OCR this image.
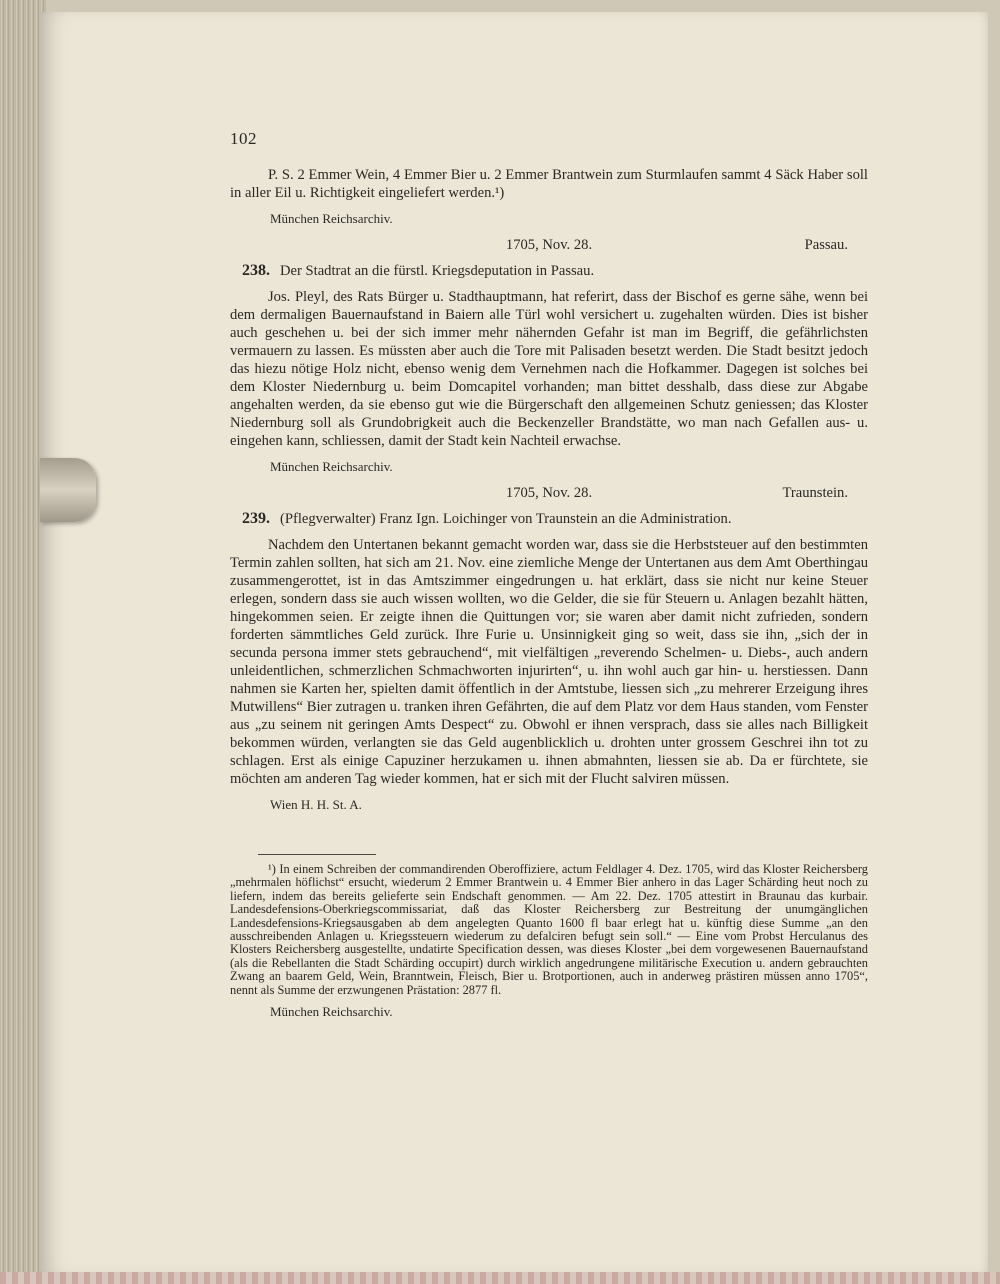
102

P. S. 2 Emmer Wein, 4 Emmer Bier u. 2 Emmer Brantwein zum Sturmlaufen sammt 4 Säck Haber soll in aller Eil u. Richtigkeit eingeliefert werden.¹)

München Reichsarchiv.
1705, Nov. 28.	Passau.
238. Der Stadtrat an die fürstl. Kriegsdeputation in Passau.

Jos. Pleyl, des Rats Bürger u. Stadthauptmann, hat referirt, dass der Bischof es gerne sähe, wenn bei dem dermaligen Bauernaufstand in Baiern alle Türl wohl versichert u. zugehalten würden. Dies ist bisher auch geschehen u. bei der sich immer mehr nähernden Gefahr ist man im Begriff, die gefährlichsten vermauern zu lassen. Es müssten aber auch die Tore mit Palisaden besetzt werden. Die Stadt besitzt jedoch das hiezu nötige Holz nicht, ebenso wenig dem Vernehmen nach die Hofkammer. Dagegen ist solches bei dem Kloster Niedernburg u. beim Domcapitel vorhanden; man bittet desshalb, dass diese zur Abgabe angehalten werden, da sie ebenso gut wie die Bürgerschaft den allgemeinen Schutz geniessen; das Kloster Niedernburg soll als Grundobrigkeit auch die Beckenzeller Brandstätte, wo man nach Gefallen aus- u. eingehen kann, schliessen, damit der Stadt kein Nachteil erwachse.

München Reichsarchiv.
1705, Nov. 28.	Traunstein.
239. (Pflegverwalter) Franz Ign. Loichinger von Traunstein an die Administration.

Nachdem den Untertanen bekannt gemacht worden war, dass sie die Herbststeuer auf den bestimmten Termin zahlen sollten, hat sich am 21. Nov. eine ziemliche Menge der Untertanen aus dem Amt Oberthingau zusammengerottet, ist in das Amtszimmer eingedrungen u. hat erklärt, dass sie nicht nur keine Steuer erlegen, sondern dass sie auch wissen wollten, wo die Gelder, die sie für Steuern u. Anlagen bezahlt hätten, hingekommen seien. Er zeigte ihnen die Quittungen vor; sie waren aber damit nicht zufrieden, sondern forderten sämmtliches Geld zurück. Ihre Furie u. Unsinnigkeit ging so weit, dass sie ihn, „sich der in secunda persona immer stets gebrauchend“, mit vielfältigen „reverendo Schelmen- u. Diebs-, auch andern unleidentlichen, schmerzlichen Schmachworten injurirten“, u. ihn wohl auch gar hin- u. herstiessen. Dann nahmen sie Karten her, spielten damit öffentlich in der Amtstube, liessen sich „zu mehrerer Erzeigung ihres Mutwillens“ Bier zutragen u. tranken ihren Gefährten, die auf dem Platz vor dem Haus standen, vom Fenster aus „zu seinem nit geringen Amts Despect“ zu. Obwohl er ihnen versprach, dass sie alles nach Billigkeit bekommen würden, verlangten sie das Geld augenblicklich u. drohten unter grossem Geschrei ihn tot zu schlagen. Erst als einige Capuziner herzukamen u. ihnen abmahnten, liessen sie ab. Da er fürchtete, sie möchten am anderen Tag wieder kommen, hat er sich mit der Flucht salviren müssen.

Wien H. H. St. A.

¹) In einem Schreiben der commandirenden Oberoffiziere, actum Feldlager 4. Dez. 1705, wird das Kloster Reichersberg „mehrmalen höflichst“ ersucht, wiederum 2 Emmer Brantwein u. 4 Emmer Bier anhero in das Lager Schärding heut noch zu liefern, indem das bereits gelieferte sein Endschaft genommen. — Am 22. Dez. 1705 attestirt in Braunau das kurbair. Landesdefensions-Oberkriegscommissariat, daß das Kloster Reichersberg zur Bestreitung der unumgänglichen Landesdefensions-Kriegsausgaben ab dem angelegten Quanto 1600 fl baar erlegt hat u. künftig diese Summe „an den ausschreibenden Anlagen u. Kriegssteuern wiederum zu defalciren befugt sein soll.“ — Eine vom Probst Herculanus des Klosters Reichersberg ausgestellte, undatirte Specification dessen, was dieses Kloster „bei dem vorgewesenen Bauernaufstand (als die Rebellanten die Stadt Schärding occupirt) durch wirklich angedrungene militärische Execution u. andern gebrauchten Zwang an baarem Geld, Wein, Branntwein, Fleisch, Bier u. Brotportionen, auch in anderweg prästiren müssen anno 1705“, nennt als Summe der erzwungenen Prästation: 2877 fl.

München Reichsarchiv.
